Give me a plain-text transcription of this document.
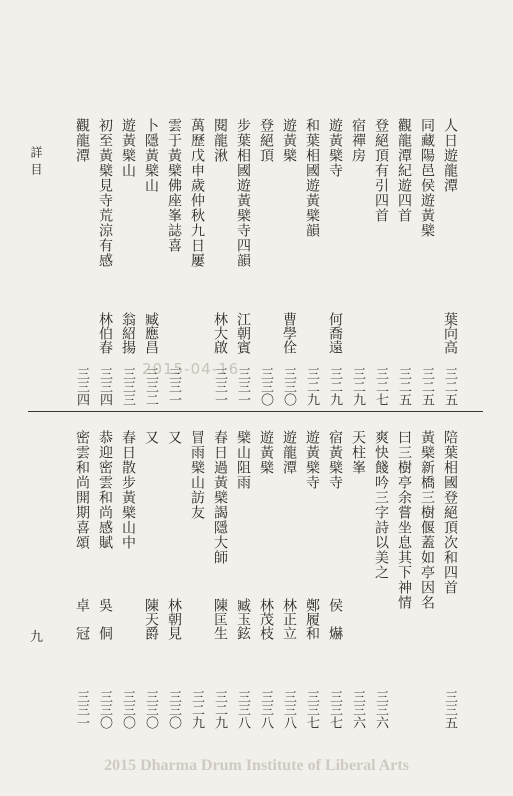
詳目
九
2015-04-16
人日遊龍潭
葉向高
三二五
同藏陽邑侯遊黃檗
三二五
觀龍潭紀遊四首
三二五
登絕頂有引四首
三二七
宿禪房
三二九
遊黃檗寺
何喬遠
三二九
和葉相國遊黃檗韻
三二九
遊黃檗
曹學佺
三三〇
登絕頂
三三〇
步葉相國遊黃檗寺四韻
江朝賓
三三一
閱龍湫
林大啟
三三一
萬歷戊申歲仲秋九日屢
雲于黃檗佛座峯誌喜
三三一
卜隱黃檗山
臧應昌
三三二
遊黃檗山
翁紹揚
三三三
初至黃檗見寺荒涼有感
林伯春
三三四
觀龍潭
三三四
陪葉相國登絕頂次和四首
三三五
黃檗新橋三樹偃蓋如亭因名
曰三樹亭余嘗坐息其下神情
爽快餞吟三字詩以美之
三三六
天柱峯
三三六
宿黃檗寺
侯　爀
三三七
遊黃檗寺
鄭履和
三三七
遊龍潭
林正立
三三八
遊黃檗
林茂枝
三三八
檗山阻雨
臧玉鉉
三三八
春日過黃檗謁隱大師
陳匡生
三二九
冒雨檗山訪友
三二九
又
林朝見
三三〇
又
陳天爵
三三〇
春日散步黃檗山中
三三〇
恭迎密雲和尚感賦
吳　侗
三三〇
密雲和尚開期喜頌
卓　冠
三三一
2015 Dharma Drum Institute of Liberal Arts
